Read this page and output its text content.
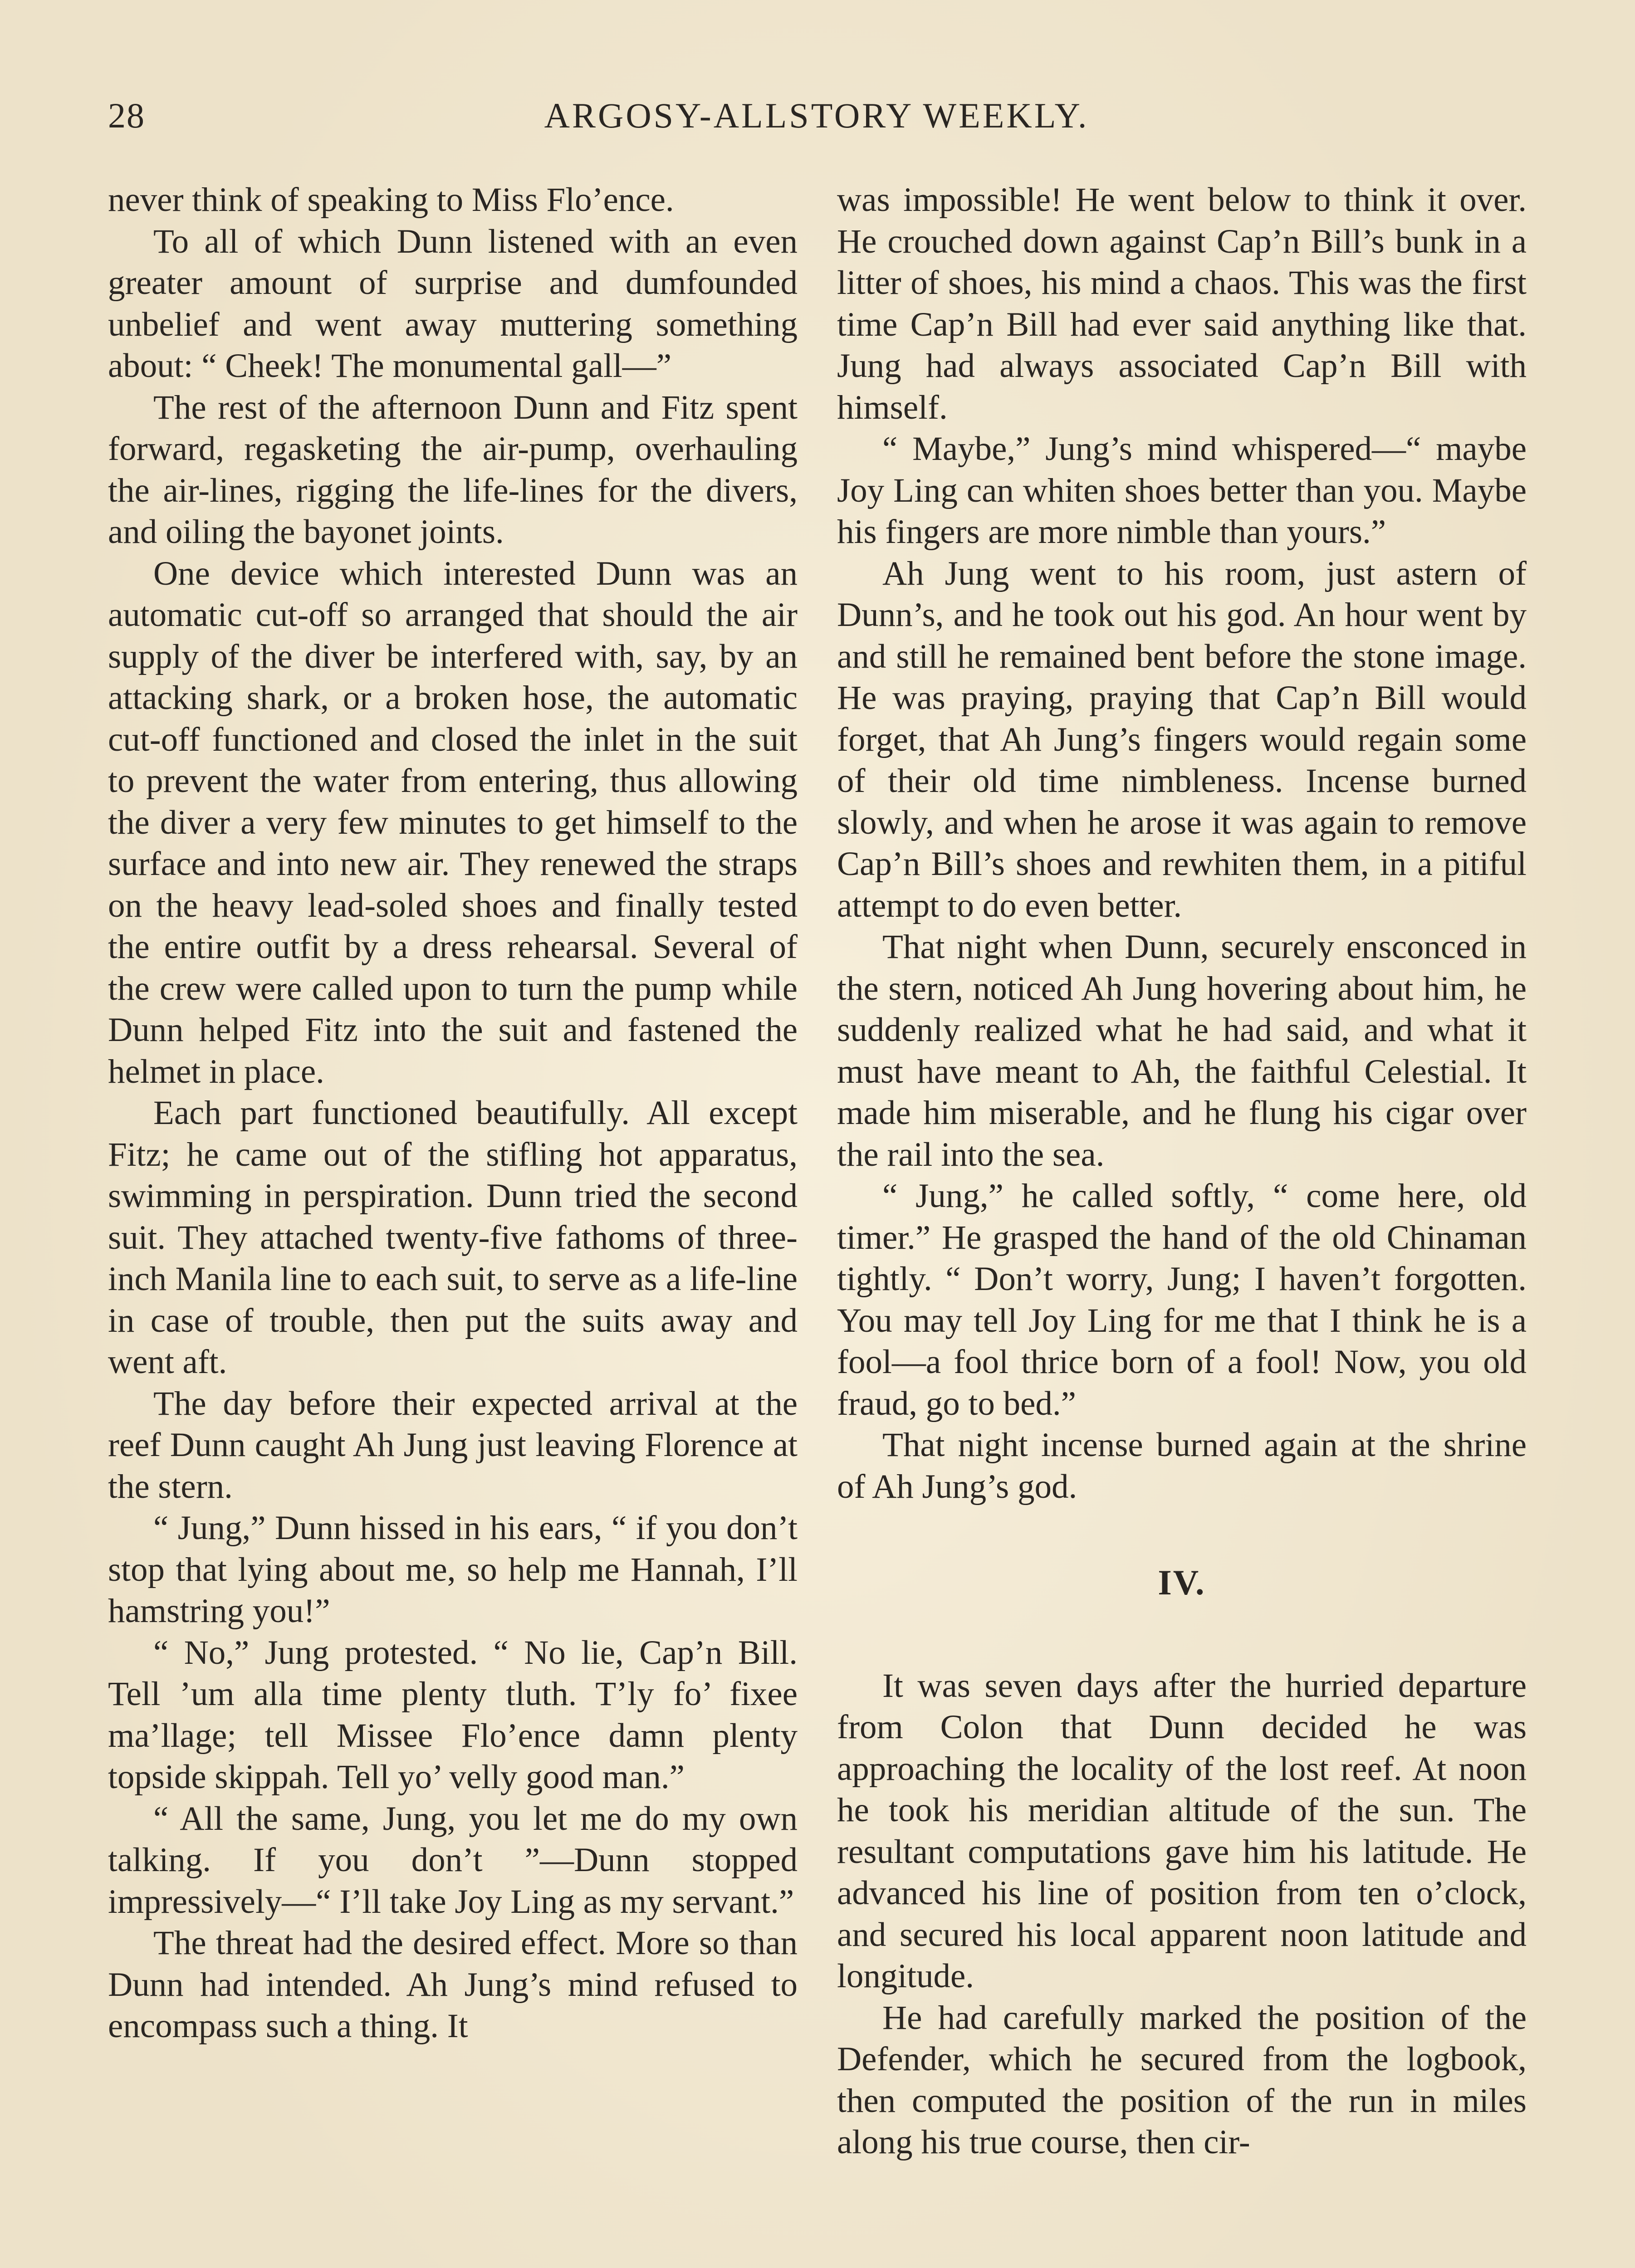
28	ARGOSY-ALLSTORY WEEKLY.

never think of speaking to Miss Flo’ence.

To all of which Dunn listened with an even greater amount of surprise and dumfounded unbelief and went away muttering something about: “ Cheek! The monumental gall—”

The rest of the afternoon Dunn and Fitz spent forward, regasketing the air-pump, overhauling the air-lines, rigging the life-lines for the divers, and oiling the bayonet joints.

One device which interested Dunn was an automatic cut-off so arranged that should the air supply of the diver be interfered with, say, by an attacking shark, or a broken hose, the automatic cut-off functioned and closed the inlet in the suit to prevent the water from entering, thus allowing the diver a very few minutes to get himself to the surface and into new air. They renewed the straps on the heavy lead-soled shoes and finally tested the entire outfit by a dress rehearsal. Several of the crew were called upon to turn the pump while Dunn helped Fitz into the suit and fastened the helmet in place.

Each part functioned beautifully. All except Fitz; he came out of the stifling hot apparatus, swimming in perspiration. Dunn tried the second suit. They attached twenty-five fathoms of three-inch Manila line to each suit, to serve as a life-line in case of trouble, then put the suits away and went aft.

The day before their expected arrival at the reef Dunn caught Ah Jung just leaving Florence at the stern.

“ Jung,” Dunn hissed in his ears, “ if you don’t stop that lying about me, so help me Hannah, I’ll hamstring you!”

“ No,” Jung protested. “ No lie, Cap’n Bill. Tell ’um alla time plenty tluth. T’ly fo’ fixee ma’llage; tell Missee Flo’ence damn plenty topside skippah. Tell yo’ velly good man.”

“ All the same, Jung, you let me do my own talking. If you don’t ”—Dunn stopped impressively—“ I’ll take Joy Ling as my servant.”

The threat had the desired effect. More so than Dunn had intended. Ah Jung’s mind refused to encompass such a thing. It

was impossible! He went below to think it over. He crouched down against Cap’n Bill’s bunk in a litter of shoes, his mind a chaos. This was the first time Cap’n Bill had ever said anything like that. Jung had always associated Cap’n Bill with himself.

“ Maybe,” Jung’s mind whispered—“ maybe Joy Ling can whiten shoes better than you. Maybe his fingers are more nimble than yours.”

Ah Jung went to his room, just astern of Dunn’s, and he took out his god. An hour went by and still he remained bent before the stone image. He was praying, praying that Cap’n Bill would forget, that Ah Jung’s fingers would regain some of their old time nimbleness. Incense burned slowly, and when he arose it was again to remove Cap’n Bill’s shoes and rewhiten them, in a pitiful attempt to do even better.

That night when Dunn, securely ensconced in the stern, noticed Ah Jung hovering about him, he suddenly realized what he had said, and what it must have meant to Ah, the faithful Celestial. It made him miserable, and he flung his cigar over the rail into the sea.

“ Jung,” he called softly, “ come here, old timer.” He grasped the hand of the old Chinaman tightly. “ Don’t worry, Jung; I haven’t forgotten. You may tell Joy Ling for me that I think he is a fool—a fool thrice born of a fool! Now, you old fraud, go to bed.”

That night incense burned again at the shrine of Ah Jung’s god.

IV.

It was seven days after the hurried departure from Colon that Dunn decided he was approaching the locality of the lost reef. At noon he took his meridian altitude of the sun. The resultant computations gave him his latitude. He advanced his line of position from ten o’clock, and secured his local apparent noon latitude and longitude.

He had carefully marked the position of the Defender, which he secured from the logbook, then computed the position of the run in miles along his true course, then cir-
